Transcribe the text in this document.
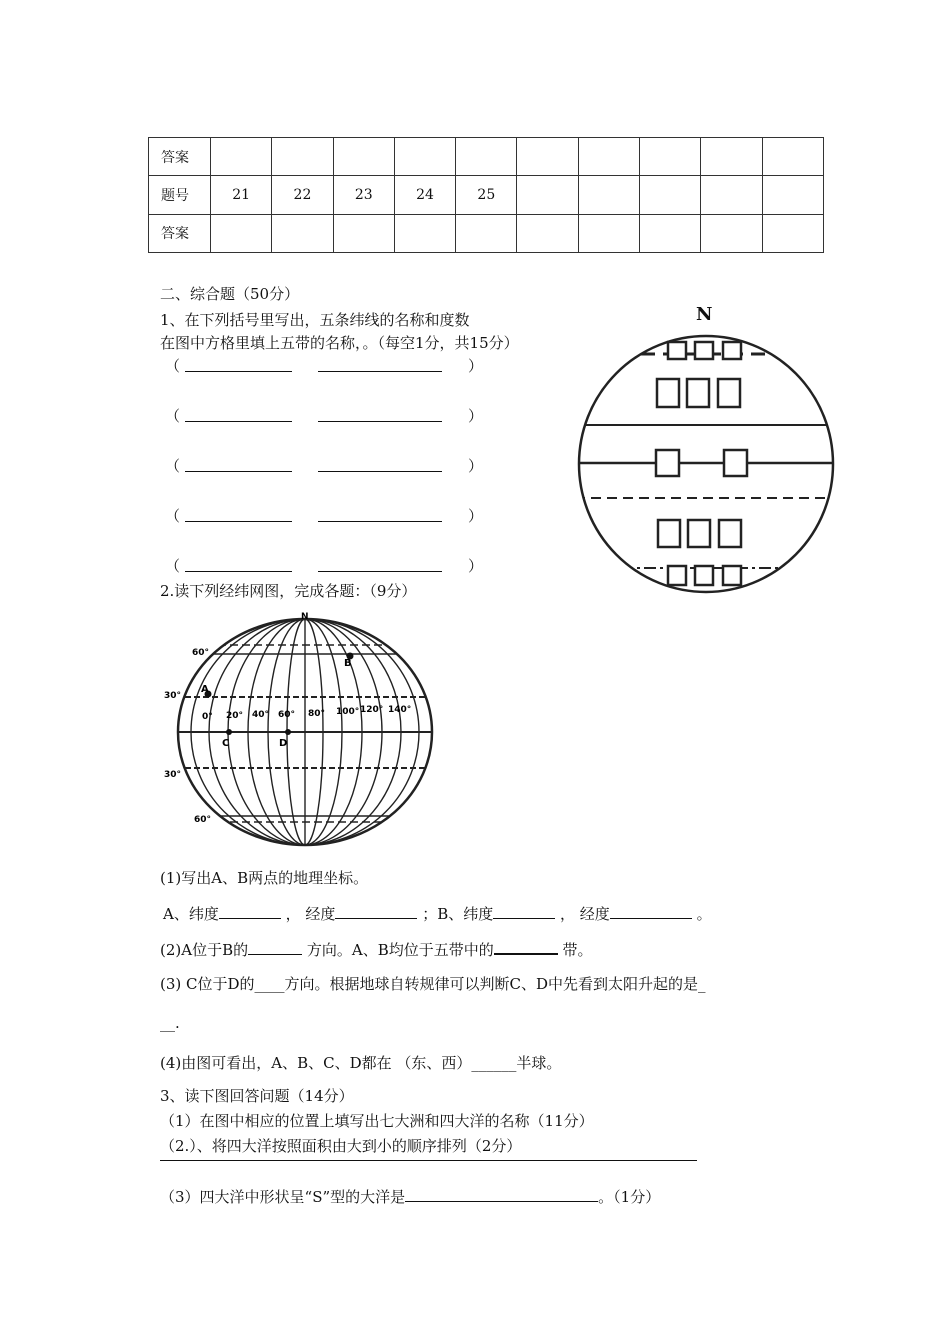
答案										
题号	21	22	23	24	25					
答案										
二、综合题（50分）
1、在下列括号里写出，五条纬线的名称和度数
在图中方格里填上五带的名称，。（每空1分，共15分）
（	）
（	）
（	）
（	）
（	）
N
2.读下列经纬网图，完成各题：（9分）
N
60°
30°
30°
60°
0° 20° 40° 60° 80° 100° 120° 140°
A
B
C	D
(1)写出A、B两点的地理坐标。
A、纬度	， 经度	；B、纬度	， 经度	。
(2)A位于B的	方向。A、B均位于五带中的	带。
(3) C位于D的____方向。根据地球自转规律可以判断C、D中先看到太阳升起的是_
__.
(4)由图可看出，A、B、C、D都在 （东、西）______半球。
3、读下图回答问题（14分）
（1）在图中相应的位置上填写出七大洲和四大洋的名称（11分）
（2.）、将四大洋按照面积由大到小的顺序排列（2分）
（3）四大洋中形状呈“S”型的大洋是	。（1分）
